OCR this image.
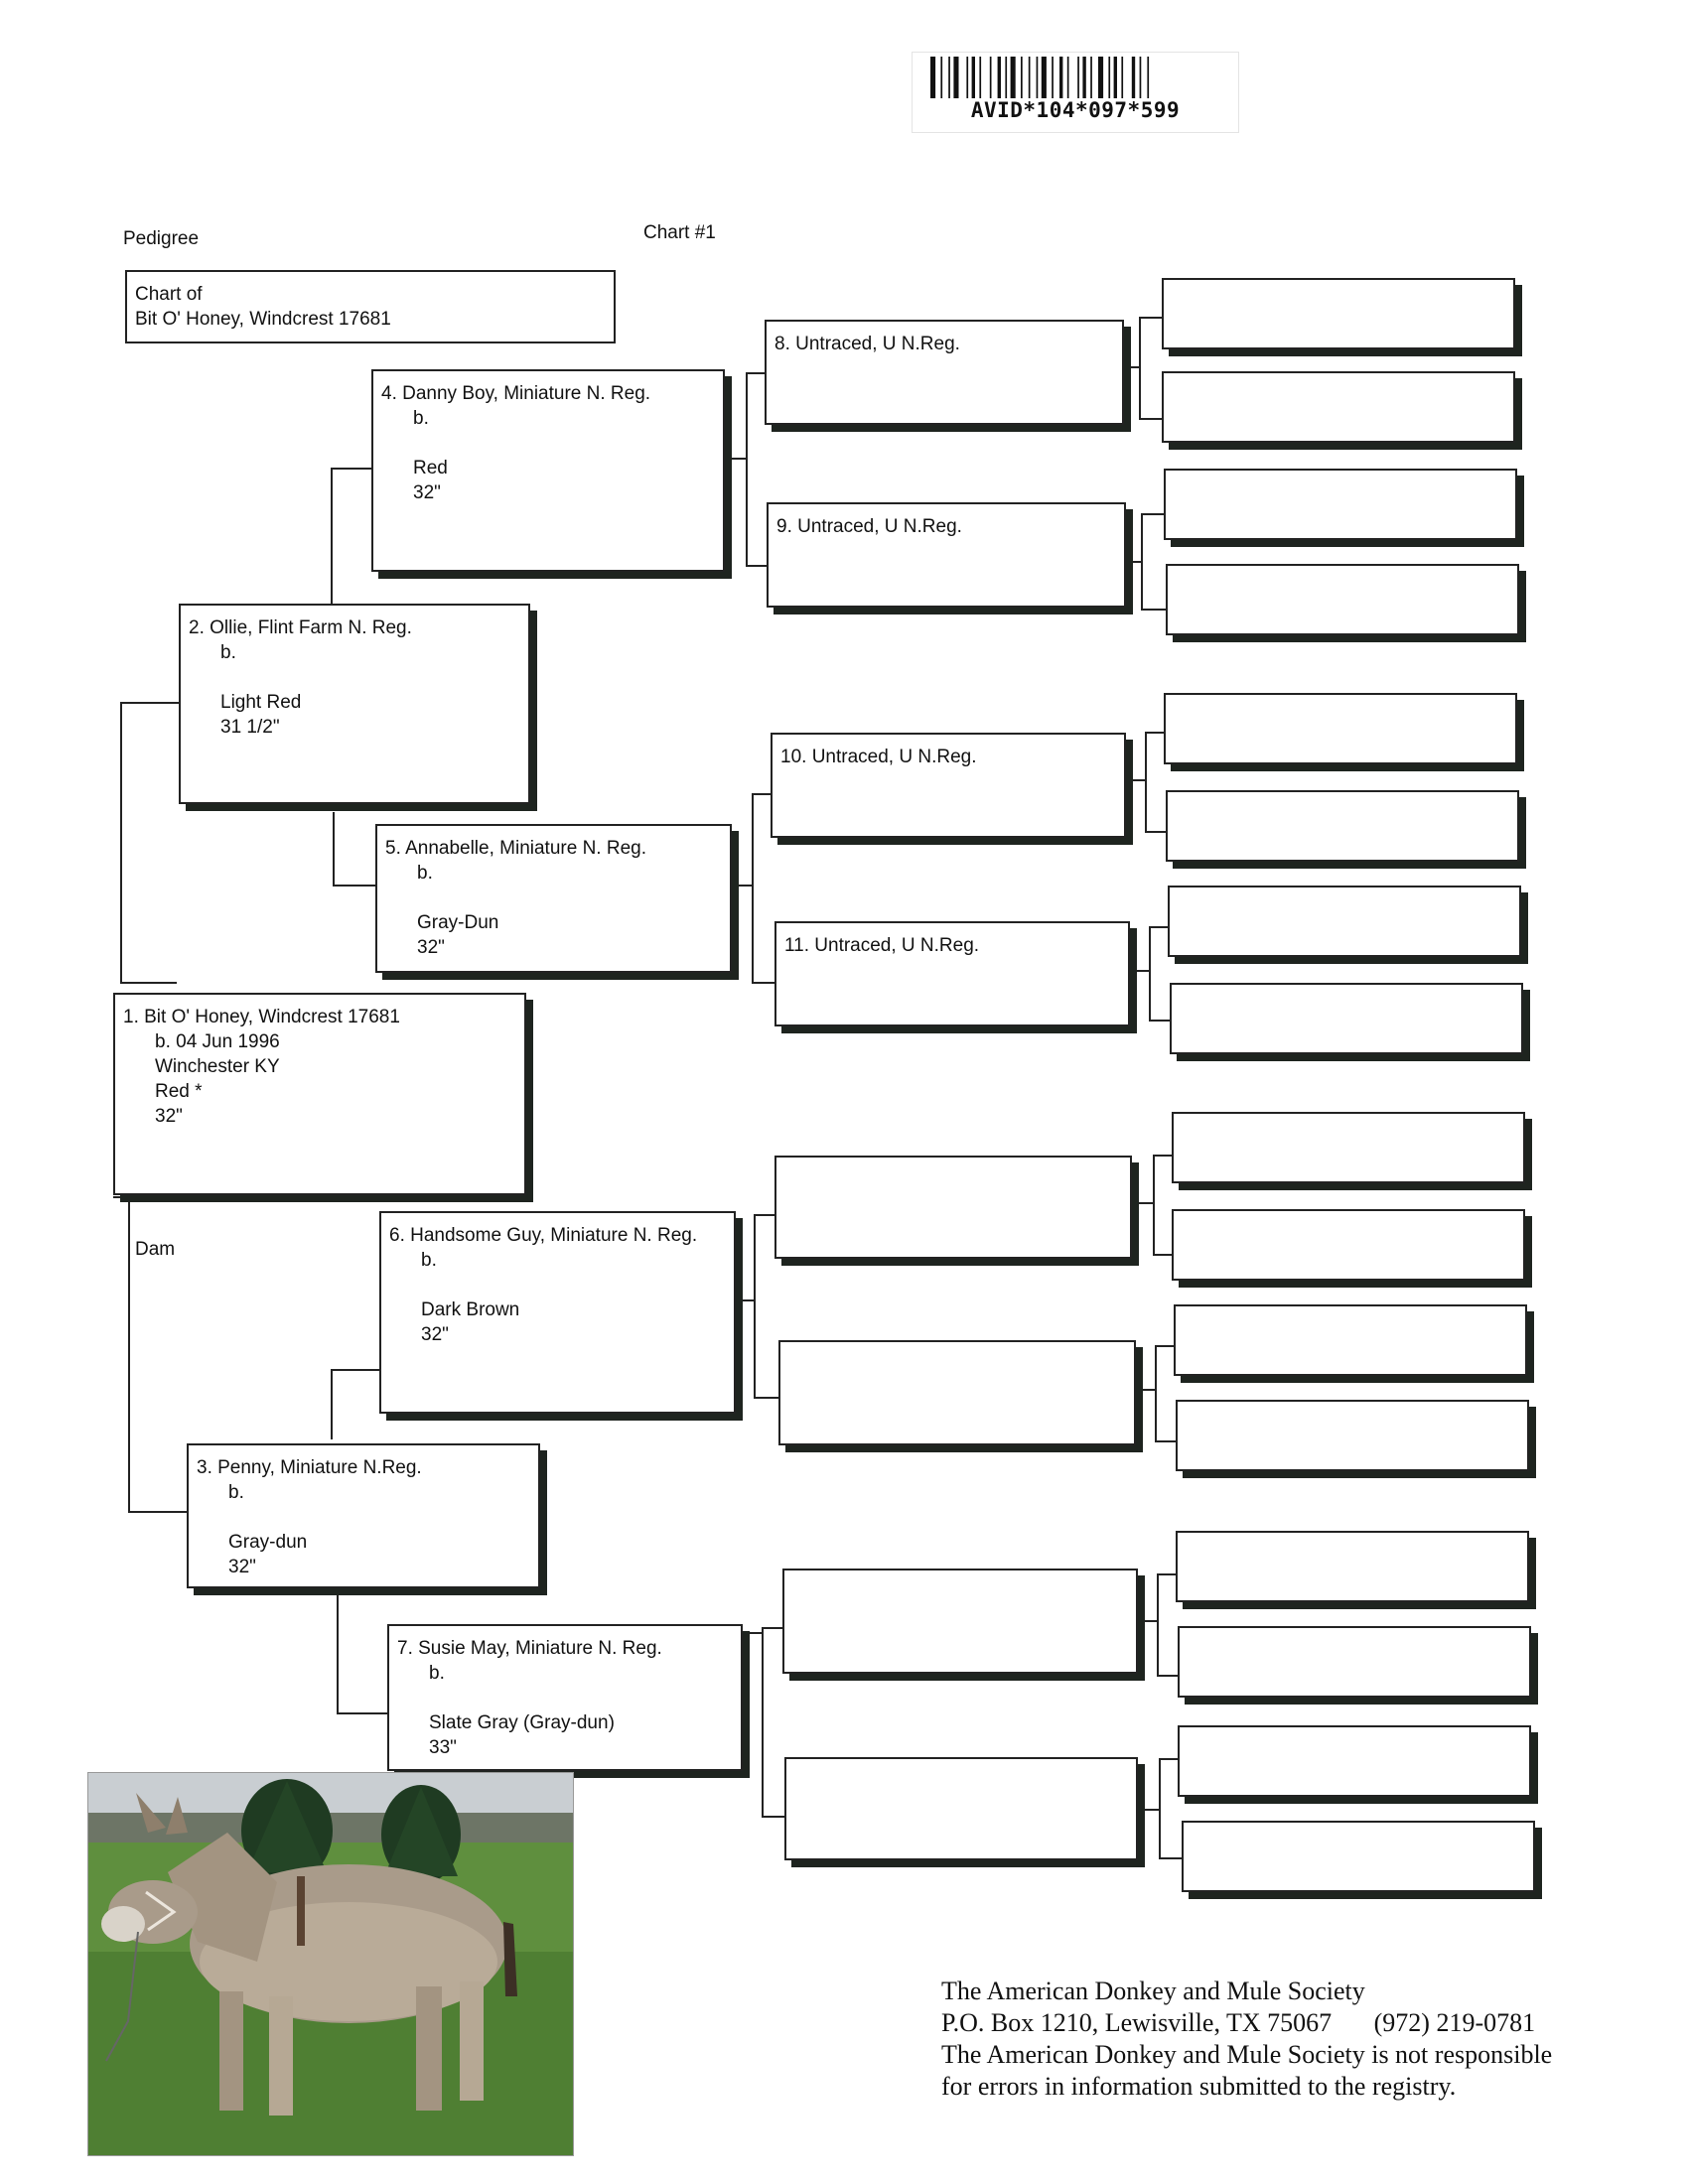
AVID*104*097*599
Pedigree	Chart #1
Chart of
Bit O' Honey, Windcrest 17681
1. Bit O' Honey, Windcrest 17681
b. 04 Jun 1996
Winchester KY
Red *
32"
Dam
2. Ollie, Flint Farm N. Reg.
b.
Light Red
31 1/2"
3. Penny, Miniature N.Reg.
b.
Gray-dun
32"
4. Danny Boy, Miniature N. Reg.
b.
Red
32"
5. Annabelle, Miniature N. Reg.
b.
Gray-Dun
32"
6. Handsome Guy, Miniature N. Reg.
b.
Dark Brown
32"
7. Susie May, Miniature N. Reg.
b.
Slate Gray (Gray-dun)
33"
8. Untraced, U N.Reg.
9. Untraced, U N.Reg.
10. Untraced, U N.Reg.
11. Untraced, U N.Reg.
The American Donkey and Mule Society
P.O. Box 1210, Lewisville, TX 75067 (972) 219-0781
The American Donkey and Mule Society is not responsible
for errors in information submitted to the registry.
